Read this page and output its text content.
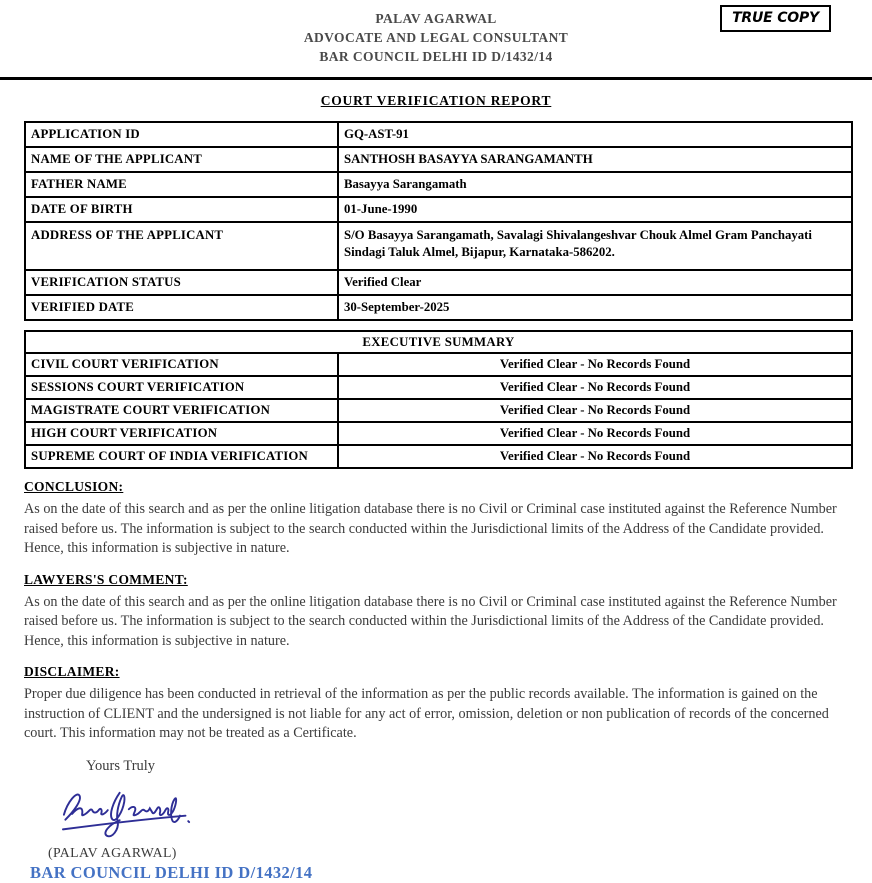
PALAV AGARWAL
ADVOCATE AND LEGAL CONSULTANT
BAR COUNCIL DELHI ID D/1432/14
TRUE COPY
COURT VERIFICATION REPORT
APPLICATION ID	GQ-AST-91
NAME OF THE APPLICANT	SANTHOSH BASAYYA SARANGAMANTH
FATHER NAME	Basayya Sarangamath
DATE OF BIRTH	01-June-1990
ADDRESS OF THE APPLICANT	S/O Basayya Sarangamath, Savalagi Shivalangeshvar Chouk Almel Gram Panchayati Sindagi Taluk Almel, Bijapur, Karnataka-586202.
VERIFICATION STATUS	Verified Clear
VERIFIED DATE	30-September-2025
EXECUTIVE SUMMARY	
CIVIL COURT VERIFICATION	Verified Clear - No Records Found
SESSIONS COURT VERIFICATION	Verified Clear - No Records Found
MAGISTRATE COURT VERIFICATION	Verified Clear - No Records Found
HIGH COURT VERIFICATION	Verified Clear - No Records Found
SUPREME COURT OF INDIA VERIFICATION	Verified Clear - No Records Found
CONCLUSION:
As on the date of this search and as per the online litigation database there is no Civil or Criminal case instituted against the Reference Number raised before us. The information is subject to the search conducted within the Jurisdictional limits of the Address of the Candidate provided. Hence, this information is subjective in nature.
LAWYERS'S COMMENT:
As on the date of this search and as per the online litigation database there is no Civil or Criminal case instituted against the Reference Number raised before us. The information is subject to the search conducted within the Jurisdictional limits of the Address of the Candidate provided. Hence, this information is subjective in nature.
DISCLAIMER:
Proper due diligence has been conducted in retrieval of the information as per the public records available. The information is gained on the instruction of CLIENT and the undersigned is not liable for any act of error, omission, deletion or non publication of records of the concerned court. This information may not be treated as a Certificate.
Yours Truly
(PALAV AGARWAL)
BAR COUNCIL DELHI ID D/1432/14
